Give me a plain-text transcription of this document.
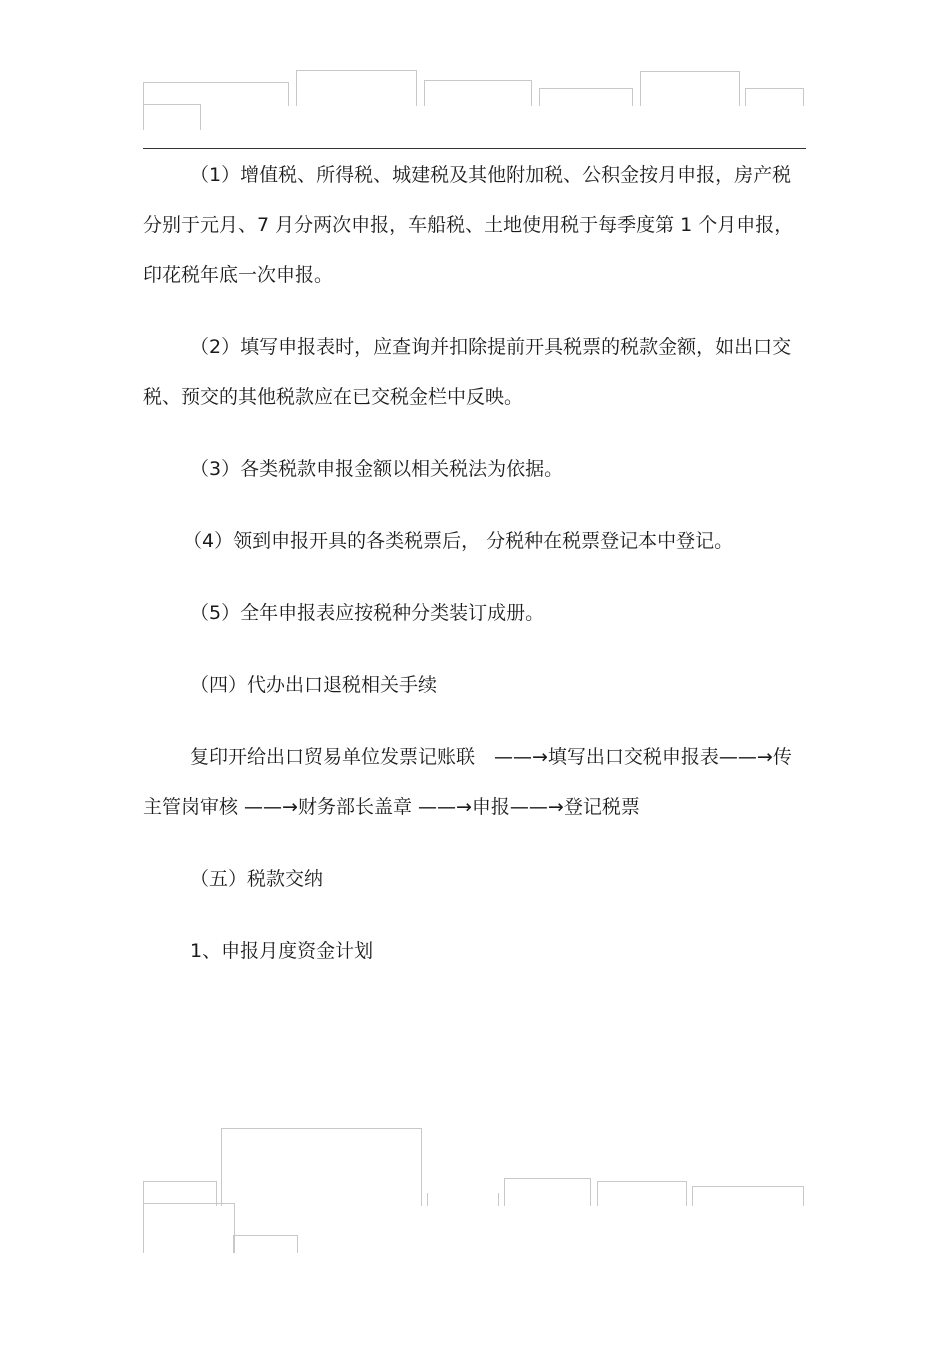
（1）增值税、所得税、城建税及其他附加税、公积金按月申报，房产税分别于元月、7 月分两次申报，车船税、土地使用税于每季度第 1 个月申报，印花税年底一次申报。

（2）填写申报表时，应查询并扣除提前开具税票的税款金额，如出口交税、预交的其他税款应在已交税金栏中反映。

（3）各类税款申报金额以相关税法为依据。

（4）领到申报开具的各类税票后， 分税种在税票登记本中登记。

（5）全年申报表应按税种分类装订成册。

（四）代办出口退税相关手续

复印开给出口贸易单位发票记账联　——→填写出口交税申报表——→传主管岗审核 ——→财务部长盖章 ——→申报——→登记税票

（五）税款交纳

1、申报月度资金计划
